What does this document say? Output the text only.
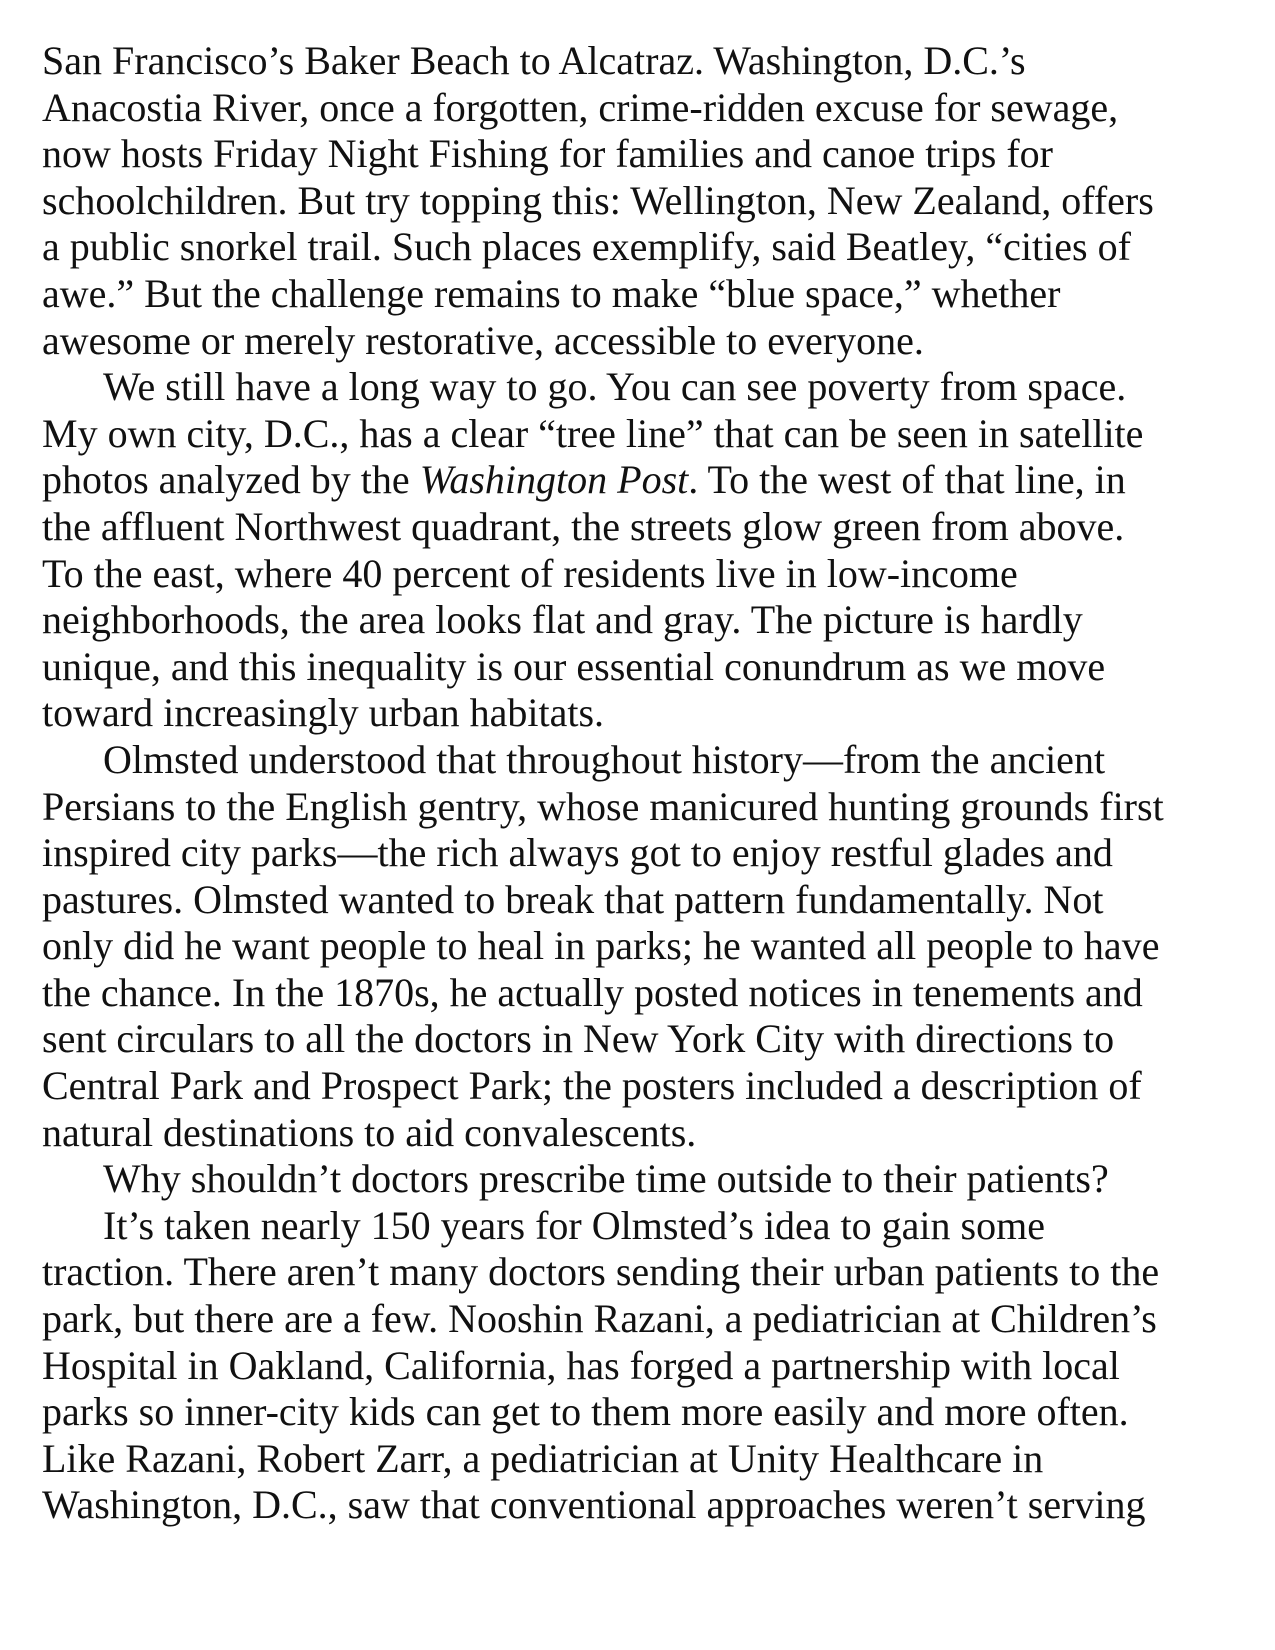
San Francisco’s Baker Beach to Alcatraz. Washington, D.C.’s
Anacostia River, once a forgotten, crime-ridden excuse for sewage,
now hosts Friday Night Fishing for families and canoe trips for
schoolchildren. But try topping this: Wellington, New Zealand, offers
a public snorkel trail. Such places exemplify, said Beatley, “cities of
awe.” But the challenge remains to make “blue space,” whether
awesome or merely restorative, accessible to everyone.
We still have a long way to go. You can see poverty from space.
My own city, D.C., has a clear “tree line” that can be seen in satellite
photos analyzed by the Washington Post. To the west of that line, in
the affluent Northwest quadrant, the streets glow green from above.
To the east, where 40 percent of residents live in low-income
neighborhoods, the area looks flat and gray. The picture is hardly
unique, and this inequality is our essential conundrum as we move
toward increasingly urban habitats.
Olmsted understood that throughout history—from the ancient
Persians to the English gentry, whose manicured hunting grounds first
inspired city parks—the rich always got to enjoy restful glades and
pastures. Olmsted wanted to break that pattern fundamentally. Not
only did he want people to heal in parks; he wanted all people to have
the chance. In the 1870s, he actually posted notices in tenements and
sent circulars to all the doctors in New York City with directions to
Central Park and Prospect Park; the posters included a description of
natural destinations to aid convalescents.
Why shouldn’t doctors prescribe time outside to their patients?
It’s taken nearly 150 years for Olmsted’s idea to gain some
traction. There aren’t many doctors sending their urban patients to the
park, but there are a few. Nooshin Razani, a pediatrician at Children’s
Hospital in Oakland, California, has forged a partnership with local
parks so inner-city kids can get to them more easily and more often.
Like Razani, Robert Zarr, a pediatrician at Unity Healthcare in
Washington, D.C., saw that conventional approaches weren’t serving
